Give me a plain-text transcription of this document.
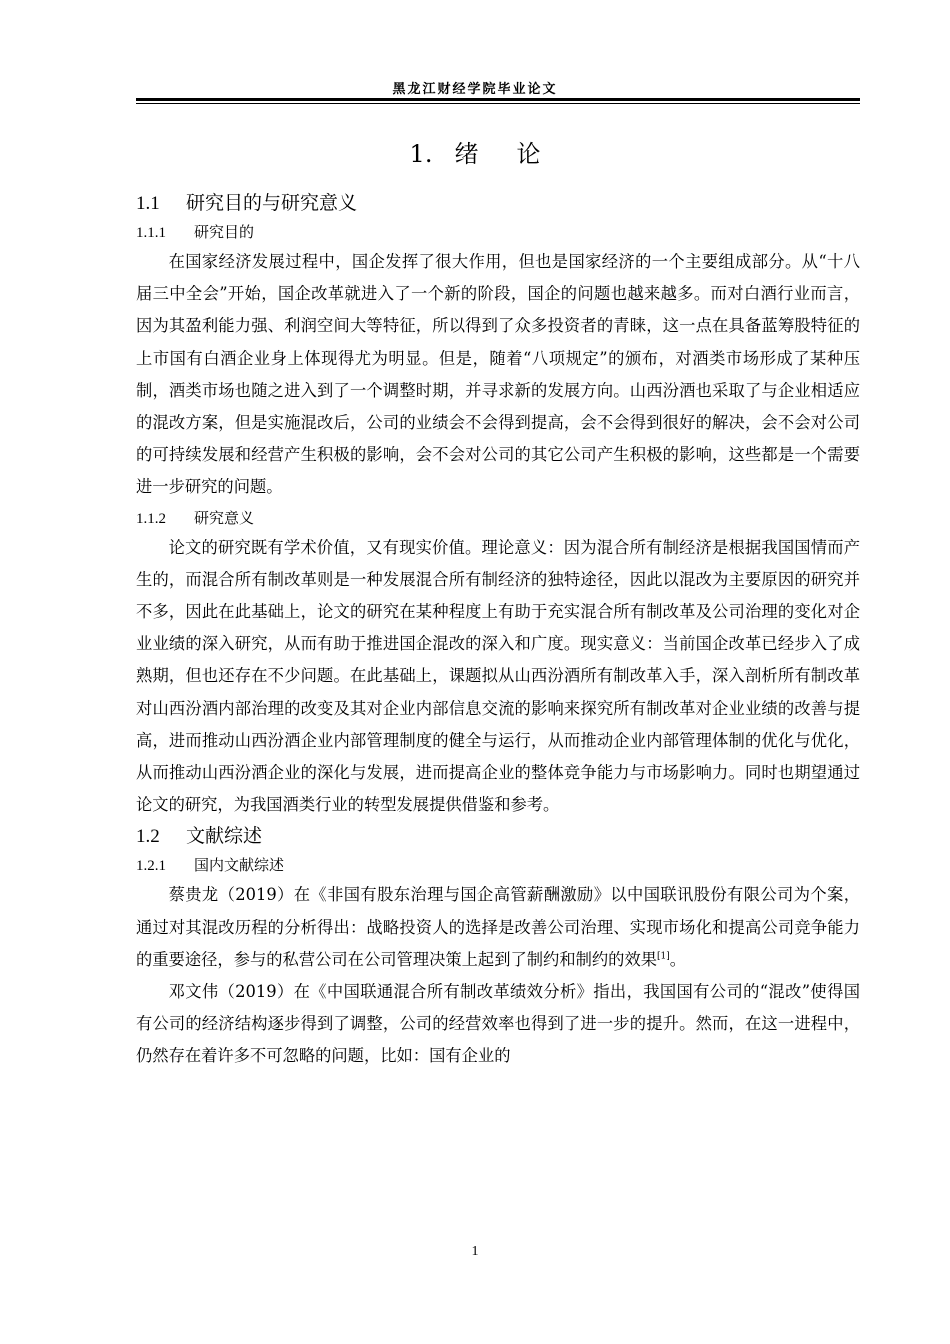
黑龙江财经学院毕业论文
1. 绪 论
1.1 研究目的与研究意义
1.1.1 研究目的

在国家经济发展过程中，国企发挥了很大作用，但也是国家经济的一个主要组成部分。从“十八届三中全会”开始，国企改革就进入了一个新的阶段，国企的问题也越来越多。而对白酒行业而言，因为其盈利能力强、利润空间大等特征，所以得到了众多投资者的青睐，这一点在具备蓝筹股特征的上市国有白酒企业身上体现得尤为明显。但是，随着“八项规定”的颁布，对酒类市场形成了某种压制，酒类市场也随之进入到了一个调整时期，并寻求新的发展方向。山西汾酒也采取了与企业相适应的混改方案，但是实施混改后，公司的业绩会不会得到提高，会不会得到很好的解决，会不会对公司的可持续发展和经营产生积极的影响，会不会对公司的其它公司产生积极的影响，这些都是一个需要进一步研究的问题。

1.1.2 研究意义

论文的研究既有学术价值，又有现实价值。理论意义：因为混合所有制经济是根据我国国情而产生的，而混合所有制改革则是一种发展混合所有制经济的独特途径，因此以混改为主要原因的研究并不多，因此在此基础上，论文的研究在某种程度上有助于充实混合所有制改革及公司治理的变化对企业业绩的深入研究，从而有助于推进国企混改的深入和广度。现实意义：当前国企改革已经步入了成熟期，但也还存在不少问题。在此基础上，课题拟从山西汾酒所有制改革入手，深入剖析所有制改革对山西汾酒内部治理的改变及其对企业内部信息交流的影响来探究所有制改革对企业业绩的改善与提高，进而推动山西汾酒企业内部管理制度的健全与运行，从而推动企业内部管理体制的优化与优化，从而推动山西汾酒企业的深化与发展，进而提高企业的整体竞争能力与市场影响力。同时也期望通过论文的研究，为我国酒类行业的转型发展提供借鉴和参考。

1.2 文献综述
1.2.1 国内文献综述

蔡贵龙（2019）在《非国有股东治理与国企高管薪酬激励》以中国联讯股份有限公司为个案，通过对其混改历程的分析得出：战略投资人的选择是改善公司治理、实现市场化和提高公司竞争能力的重要途径，参与的私营公司在公司管理决策上起到了制约和制约的效果[1]。

邓文伟（2019）在《中国联通混合所有制改革绩效分析》指出，我国国有公司的“混改”使得国有公司的经济结构逐步得到了调整，公司的经营效率也得到了进一步的提升。然而，在这一进程中，仍然存在着许多不可忽略的问题，比如：国有企业的

1
